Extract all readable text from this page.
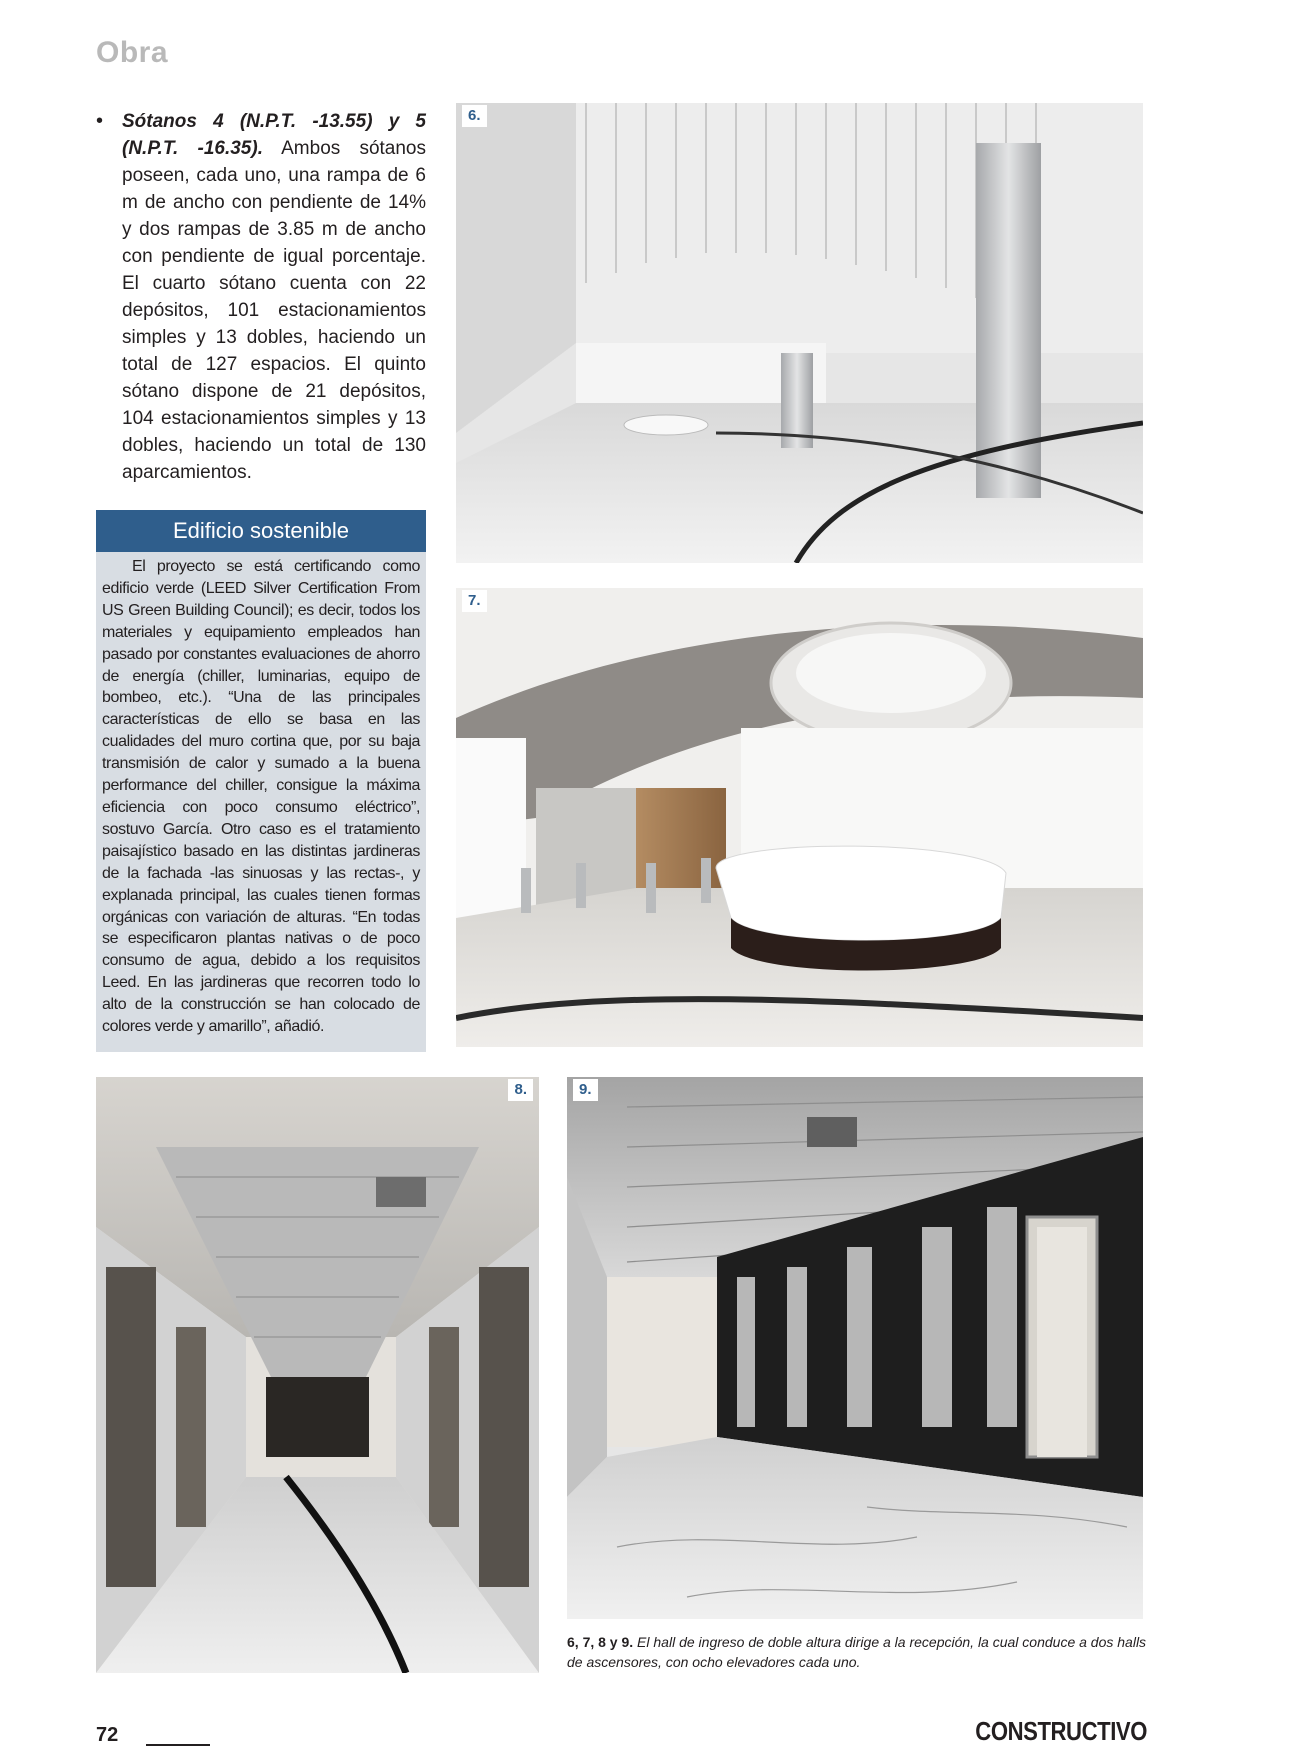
Obra
• Sótanos 4 (N.P.T. -13.55) y 5 (N.P.T. -16.35). Ambos sótanos poseen, cada uno, una rampa de 6 m de ancho con pendiente de 14% y dos rampas de 3.85 m de ancho con pendiente de igual porcentaje. El cuarto sótano cuenta con 22 depósitos, 101 estacionamientos simples y 13 dobles, haciendo un total de 127 espacios. El quinto sótano dispone de 21 depósitos, 104 estacionamientos simples y 13 dobles, haciendo un total de 130 aparcamientos.
Edificio sostenible

El proyecto se está certificando como edificio verde (LEED Silver Certification From US Green Building Council); es decir, todos los materiales y equipamiento empleados han pasado por constantes evaluaciones de ahorro de energía (chiller, luminarias, equipo de bombeo, etc.). “Una de las principales características de ello se basa en las cualidades del muro cortina que, por su baja transmisión de calor y sumado a la buena performance del chiller, consigue la máxima eficiencia con poco consumo eléctrico”, sostuvo García. Otro caso es el tratamiento paisajístico basado en las distintas jardineras de la fachada -las sinuosas y las rectas-, y explanada principal, las cuales tienen formas orgánicas con variación de alturas. “En todas se especificaron plantas nativas o de poco consumo de agua, debido a los requisitos Leed. En las jardineras que recorren todo lo alto de la construcción se han colocado de colores verde y amarillo”, añadió.

6.
7.
8.	9.
6, 7, 8 y 9. El hall de ingreso de doble altura dirige a la recepción, la cual conduce a dos halls de ascensores, con ocho elevadores cada uno.
72	CONSTRUCTIVO
